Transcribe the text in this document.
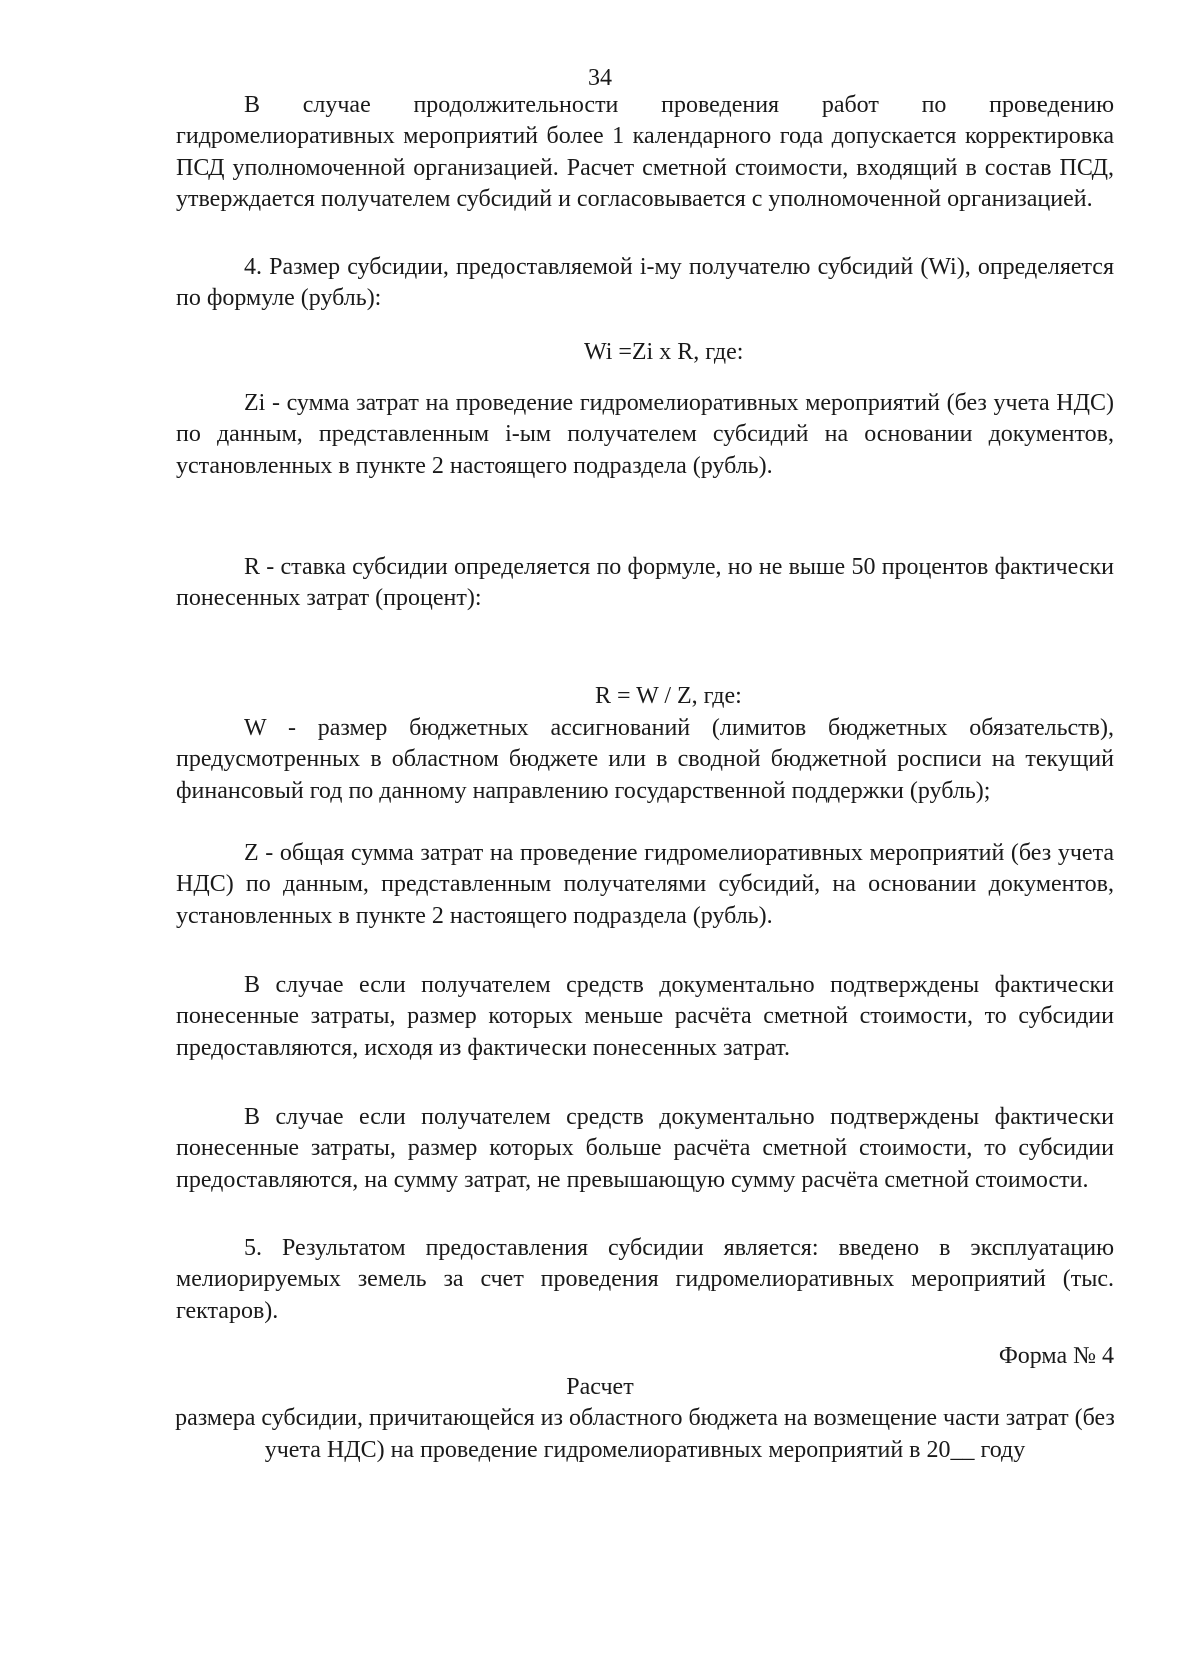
34

В случае продолжительности проведения работ по проведению гидромелиоративных мероприятий более 1 календарного года допускается корректировка ПСД уполномоченной организацией. Расчет сметной стоимости, входящий в состав ПСД, утверждается получателем субсидий и согласовывается с уполномоченной организацией.

4. Размер субсидии, предоставляемой i-му получателю субсидий (Wi), определяется по формуле (рубль):

Wi =Zi x R, где:

Zi - сумма затрат на проведение гидромелиоративных мероприятий (без учета НДС) по данным, представленным i-ым получателем субсидий на основании документов, установленных в пункте 2 настоящего подраздела (рубль).

R - ставка субсидии определяется по формуле, но не выше 50 процентов фактически понесенных затрат (процент):

R = W / Z, где:

W - размер бюджетных ассигнований (лимитов бюджетных обязательств), предусмотренных в областном бюджете или в сводной бюджетной росписи на текущий финансовый год по данному направлению государственной поддержки (рубль);

Z - общая сумма затрат на проведение гидромелиоративных мероприятий (без учета НДС) по данным, представленным получателями субсидий, на основании документов, установленных в пункте 2 настоящего подраздела (рубль).

В случае если получателем средств документально подтверждены фактически понесенные затраты, размер которых меньше расчёта сметной стоимости, то субсидии предоставляются, исходя из фактически понесенных затрат.

В случае если получателем средств документально подтверждены фактически понесенные затраты, размер которых больше расчёта сметной стоимости, то субсидии предоставляются, на сумму затрат, не превышающую сумму расчёта сметной стоимости.

5. Результатом предоставления субсидии является: введено в эксплуатацию мелиорируемых земель за счет проведения гидромелиоративных мероприятий (тыс. гектаров).

Форма № 4
Расчет

размера субсидии, причитающейся из областного бюджета на возмещение части затрат (без учета НДС) на проведение гидромелиоративных мероприятий в 20__ году
